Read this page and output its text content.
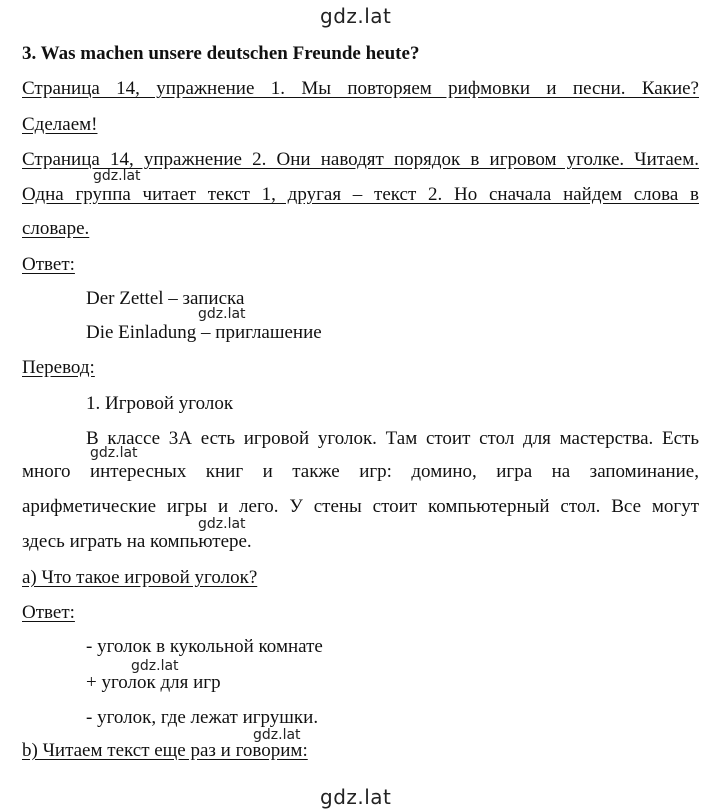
gdz.lat
3. Was machen unsere deutschen Freunde heute?
Страница 14, упражнение 1. Мы повторяем рифмовки и песни. Какие?
Сделаем!
Страница 14, упражнение 2. Они наводят порядок в игровом уголке. Читаем.
Одна группа читает текст 1, другая – текст 2. Но сначала найдем слова в
словаре.
gdz.lat
Ответ:
Der Zettel – записка
Die Einladung – приглашение
gdz.lat
Перевод:
1. Игровой уголок
В классе 3А есть игровой уголок. Там стоит стол для мастерства. Есть
много интересных книг и также игр: домино, игра на запоминание,
арифметические игры и лего. У стены стоит компьютерный стол. Все могут
здесь играть на компьютере.
gdz.lat
gdz.lat
а) Что такое игровой уголок?
Ответ:
- уголок в кукольной комнате
+ уголок для игр
- уголок, где лежат игрушки.
gdz.lat
b) Читаем текст еще раз и говорим:
gdz.lat
gdz.lat
